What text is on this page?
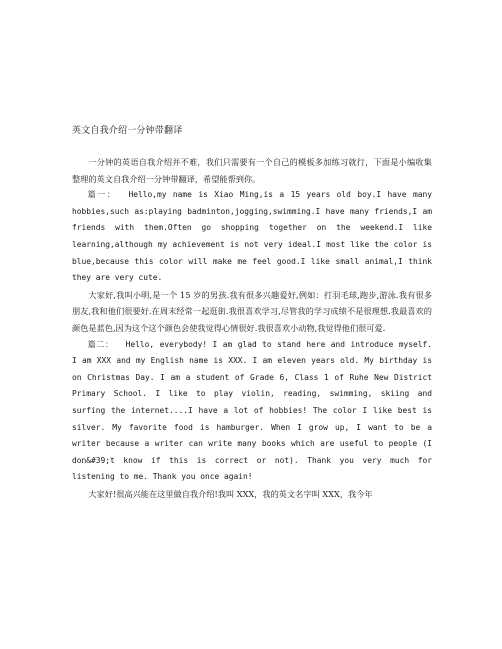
英文自我介绍一分钟带翻译

一分钟的英语自我介绍并不难，我们只需要有一个自己的模板多加练习就行，下面是小编收集整理的英文自我介绍一分钟带翻译，希望能帮到你。

篇一： Hello,my name is Xiao Ming,is a 15 years old boy.I have many hobbies,such as:playing badminton,jogging,swimming.I have many friends,I am friends with them.Often go shopping together on the weekend.I like learning,although my achievement is not very ideal.I most like the color is blue,because this color will make me feel good.I like small animal,I think they are very cute.

大家好,我叫小明,是一个 15 岁的男孩.我有很多兴趣爱好,例如：打羽毛球,跑步,游泳.我有很多朋友,我和他们很要好.在周末经常一起逛街.我很喜欢学习,尽管我的学习成绩不是很理想.我最喜欢的颜色是蓝色,因为这个这个颜色会使我觉得心情很好.我很喜欢小动物,我觉得他们很可爱.

篇二： Hello, everybody! I am glad to stand here and introduce myself. I am XXX and my English name is XXX. I am eleven years old. My birthday is on Christmas Day. I am a student of Grade 6, Class 1 of Ruhe New District Primary School. I like to play violin, reading, swimming, skiing and surfing the internet....I have a lot of hobbies! The color I like best is silver. My favorite food is hamburger. When I grow up, I want to be a writer because a writer can write many books which are useful to people (I don&#39;t know if this is correct or not). Thank you very much for listening to me. Thank you once again!

大家好!很高兴能在这里做自我介绍!我叫 XXX，我的英文名字叫 XXX，我今年
